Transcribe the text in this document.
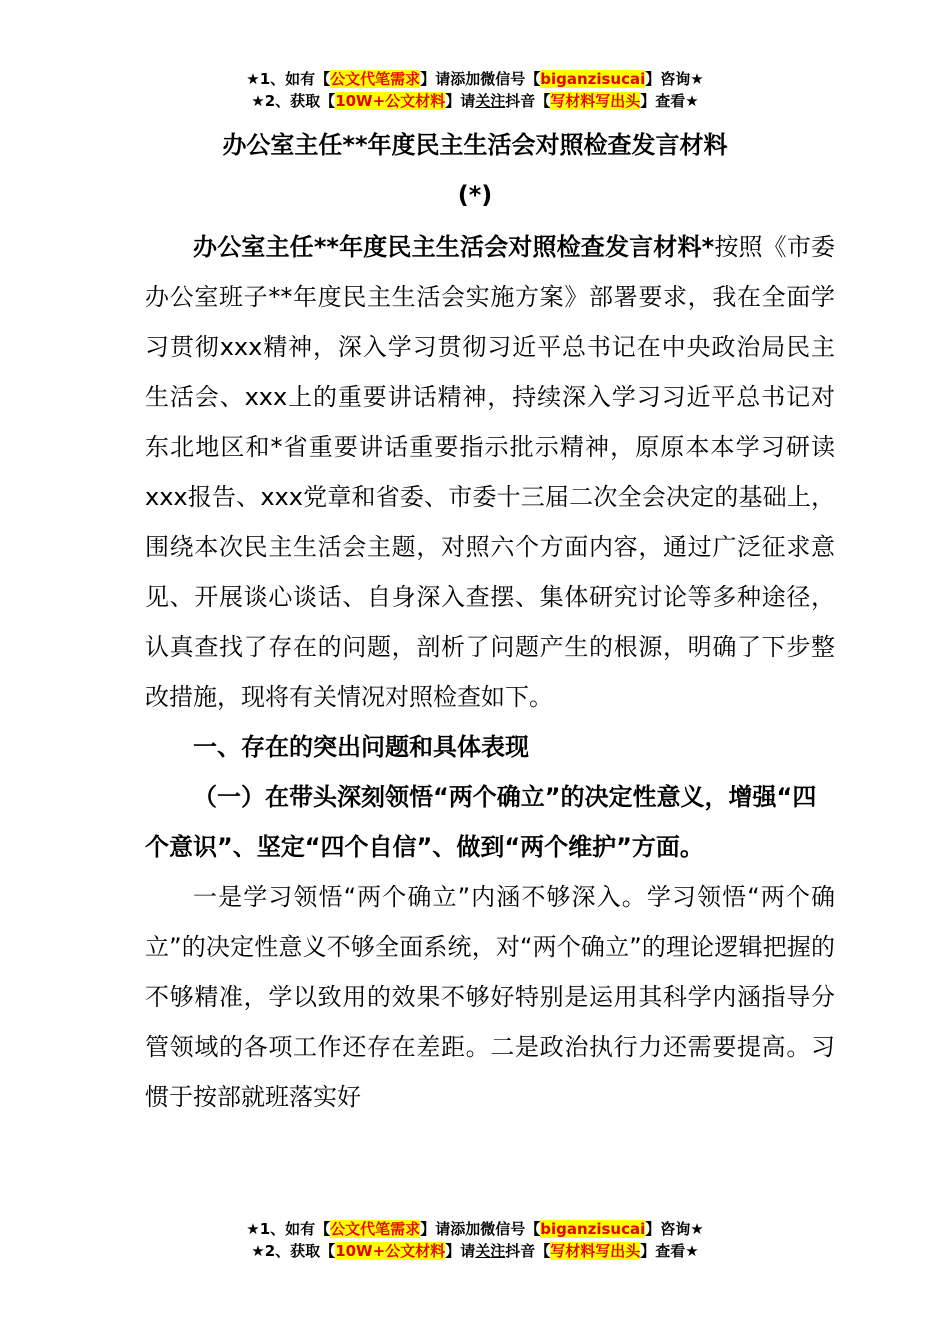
★1、如有【公文代笔需求】请添加微信号【biganzisucai】咨询★
★2、获取【10W+公文材料】请关注抖音【写材料写出头】查看★
办公室主任**年度民主生活会对照检查发言材料
(*)

办公室主任**年度民主生活会对照检查发言材料*按照《市委办公室班子**年度民主生活会实施方案》部署要求，我在全面学习贯彻xxx精神，深入学习贯彻习近平总书记在中央政治局民主生活会、xxx上的重要讲话精神，持续深入学习习近平总书记对东北地区和*省重要讲话重要指示批示精神，原原本本学习研读xxx报告、xxx党章和省委、市委十三届二次全会决定的基础上，围绕本次民主生活会主题，对照六个方面内容，通过广泛征求意见、开展谈心谈话、自身深入查摆、集体研究讨论等多种途径，认真查找了存在的问题，剖析了问题产生的根源，明确了下步整改措施，现将有关情况对照检查如下。

一、存在的突出问题和具体表现

（一）在带头深刻领悟“两个确立”的决定性意义，增强“四个意识”、坚定“四个自信”、做到“两个维护”方面。

一是学习领悟“两个确立”内涵不够深入。学习领悟“两个确立”的决定性意义不够全面系统，对“两个确立”的理论逻辑把握的不够精准，学以致用的效果不够好特别是运用其科学内涵指导分管领域的各项工作还存在差距。二是政治执行力还需要提高。习惯于按部就班落实好

★1、如有【公文代笔需求】请添加微信号【biganzisucai】咨询★
★2、获取【10W+公文材料】请关注抖音【写材料写出头】查看★
